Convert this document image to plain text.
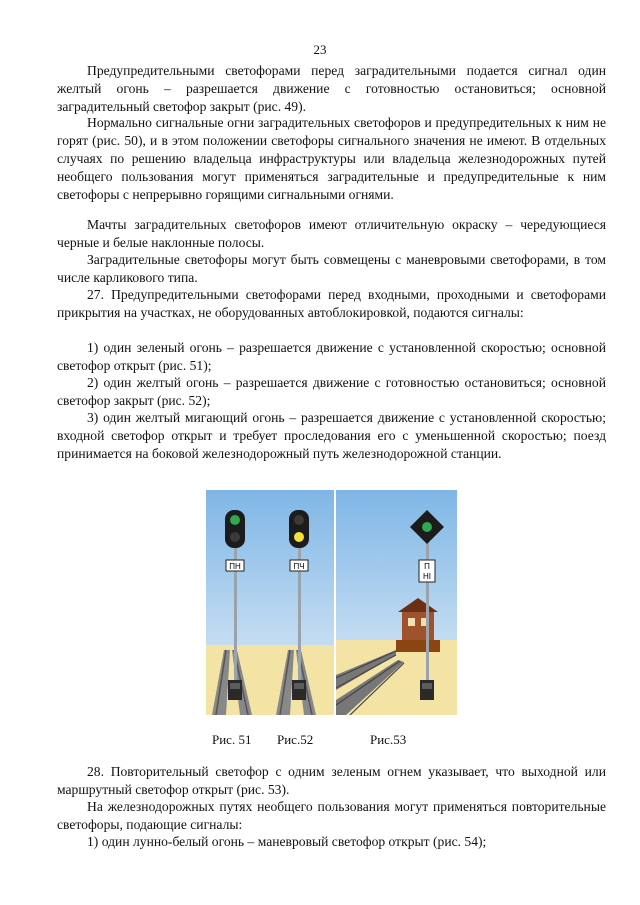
23

Предупредительными светофорами перед заградительными подается сигнал один желтый огонь – разрешается движение с готовностью остановиться; основной заградительный светофор закрыт (рис. 49).

Нормально сигнальные огни заградительных светофоров и предупредительных к ним не горят (рис. 50), и в этом положении светофоры сигнального значения не имеют. В отдельных случаях по решению владельца инфраструктуры или владельца железнодорожных путей необщего пользования могут применяться заградительные и предупредительные к ним светофоры с непрерывно горящими сигнальными огнями.

Мачты заградительных светофоров имеют отличительную окраску – чередующиеся черные и белые наклонные полосы.

Заградительные светофоры могут быть совмещены с маневровыми светофорами, в том числе карликового типа.

27. Предупредительными светофорами перед входными, проходными и светофорами прикрытия на участках, не оборудованных автоблокировкой, подаются сигналы:

1) один зеленый огонь – разрешается движение с установленной скоростью; основной светофор открыт (рис. 51);

2) один желтый огонь – разрешается движение с готовностью остановиться; основной светофор закрыт (рис. 52);

3) один желтый мигающий огонь – разрешается движение с установленной скоростью; входной светофор открыт и требует проследования его с уменьшенной скоростью; поезд принимается на боковой железнодорожный путь железнодорожной станции.

ПН	ПЧ	П
НI
Рис. 51 Рис.52	Рис.53

28. Повторительный светофор с одним зеленым огнем указывает, что выходной или маршрутный светофор открыт (рис. 53).

На железнодорожных путях необщего пользования могут применяться повторительные светофоры, подающие сигналы:

1) один лунно-белый огонь – маневровый светофор открыт (рис. 54);
